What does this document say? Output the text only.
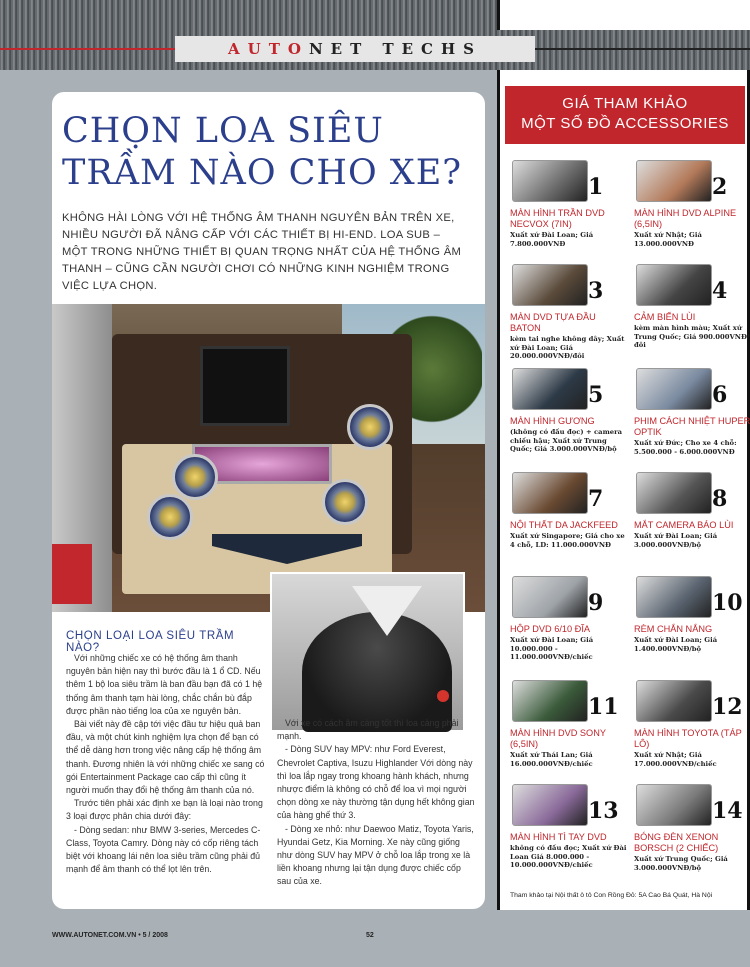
AUTO NET TECHS
CHỌN LOA SIÊU TRẦM NÀO CHO XE?
KHÔNG HÀI LÒNG VỚI HỆ THỐNG ÂM THANH NGUYÊN BẢN TRÊN XE, NHIỀU NGƯỜI ĐÃ NÂNG CẤP VỚI CÁC THIẾT BỊ HI-END. LOA SUB – MỘT TRONG NHỮNG THIẾT BỊ QUAN TRỌNG NHẤT CỦA HỆ THỐNG ÂM THANH – CŨNG CẦN NGƯỜI CHƠI CÓ NHỮNG KINH NGHIỆM TRONG VIỆC LỰA CHỌN.
CHỌN LOẠI LOA SIÊU TRẦM NÀO?

Với những chiếc xe có hệ thống âm thanh nguyên bản hiện nay thì bước đầu là 1 ổ CD. Nếu thêm 1 bộ loa siêu trầm là ban đầu bạn đã có 1 hệ thống âm thanh tạm hài lòng, chắc chắn bù đắp được phần nào tiếng loa của xe nguyên bản.

Bài viết này đề cập tới việc đầu tư hiệu quả ban đầu, và một chút kinh nghiệm lựa chọn để bạn có thể dễ dàng hơn trong việc nâng cấp hệ thống âm thanh. Đương nhiên là với những chiếc xe sang có gói Entertainment Package cao cấp thì cũng ít người muốn thay đổi hệ thống âm thanh của nó.

Trước tiên phải xác định xe bạn là loại nào trong 3 loại được phân chia dưới đây:

- Dòng sedan: như BMW 3-series, Mercedes C-Class, Toyota Camry. Dòng này có cốp riêng tách biệt với khoang lái nên loa siêu trầm cũng phải đủ mạnh để âm thanh có thể lọt lên trên.

Với xe có cách âm càng tốt thì loa càng phải mạnh.

- Dòng SUV hay MPV: như Ford Everest, Chevrolet Captiva, Isuzu Highlander Với dòng này thì loa lắp ngay trong khoang hành khách, nhưng nhược điểm là không có chỗ để loa vì mọi người chọn dòng xe này thường tận dụng hết không gian của hàng ghế thứ 3.

- Dòng xe nhỏ: như Daewoo Matiz, Toyota Yaris, Hyundai Getz, Kia Morning. Xe này cũng giống như dòng SUV hay MPV ở chỗ loa lắp trong xe là liền khoang nhưng lại tận dụng được chiếc cốp sau của xe.

WWW.AUTONET.COM.VN • 5 / 2008	52
GIÁ THAM KHẢO
MỘT SỐ ĐỒ ACCESSORIES
1
MÀN HÌNH TRẦN DVD NECVOX (7IN)
Xuất xứ Đài Loan; Giá 7.800.000VNĐ
2
MÀN HÌNH DVD ALPINE (6,5IN)
Xuất xứ Nhật; Giá 13.000.000VNĐ
3
MÀN DVD TỰA ĐẦU BATON
kèm tai nghe không dây; Xuất xứ Đài Loan; Giá 20.000.000VNĐ/đôi
4
CẢM BIẾN LÙI
kèm màn hình màu; Xuất xứ Trung Quốc; Giá 900.000VNĐ/đôi
5
MÀN HÌNH GƯƠNG
(không có đầu đọc) + camera chiếu hậu; Xuất xứ Trung Quốc; Giá 3.000.000VNĐ/bộ
6
PHIM CÁCH NHIỆT HUPER OPTIK
Xuất xứ Đức; Cho xe 4 chỗ: 5.500.000 - 6.000.000VNĐ
7
NỘI THẤT DA JACKFEED
Xuất xứ Singapore; Giá cho xe 4 chỗ, LD: 11.000.000VNĐ
8
MẮT CAMERA BÁO LÙI
Xuất xứ Đài Loan; Giá 3.000.000VNĐ/bộ
9
HỘP DVD 6/10 ĐĨA
Xuất xứ Đài Loan; Giá 10.000.000 - 11.000.000VNĐ/chiếc
10
RÈM CHẮN NẮNG
Xuất xứ Đài Loan; Giá 1.400.000VNĐ/bộ
11
MÀN HÌNH DVD SONY (6,5IN)
Xuất xứ Thái Lan; Giá 16.000.000VNĐ/chiếc
12
MÀN HÌNH TOYOTA (TÁP LÔ)
Xuất xứ Nhật; Giá 17.000.000VNĐ/chiếc
13
MÀN HÌNH TÌ TAY DVD
không có đầu đọc; Xuất xứ Đài Loan Giá 8.000.000 - 10.000.000VNĐ/chiếc
14
BÓNG ĐÈN XENON BORSCH (2 CHIẾC)
Xuất xứ Trung Quốc; Giá 3.000.000VNĐ/bộ
Tham khảo tại Nội thất ô tô Con Rồng Đỏ: 5A Cao Bá Quát, Hà Nội
